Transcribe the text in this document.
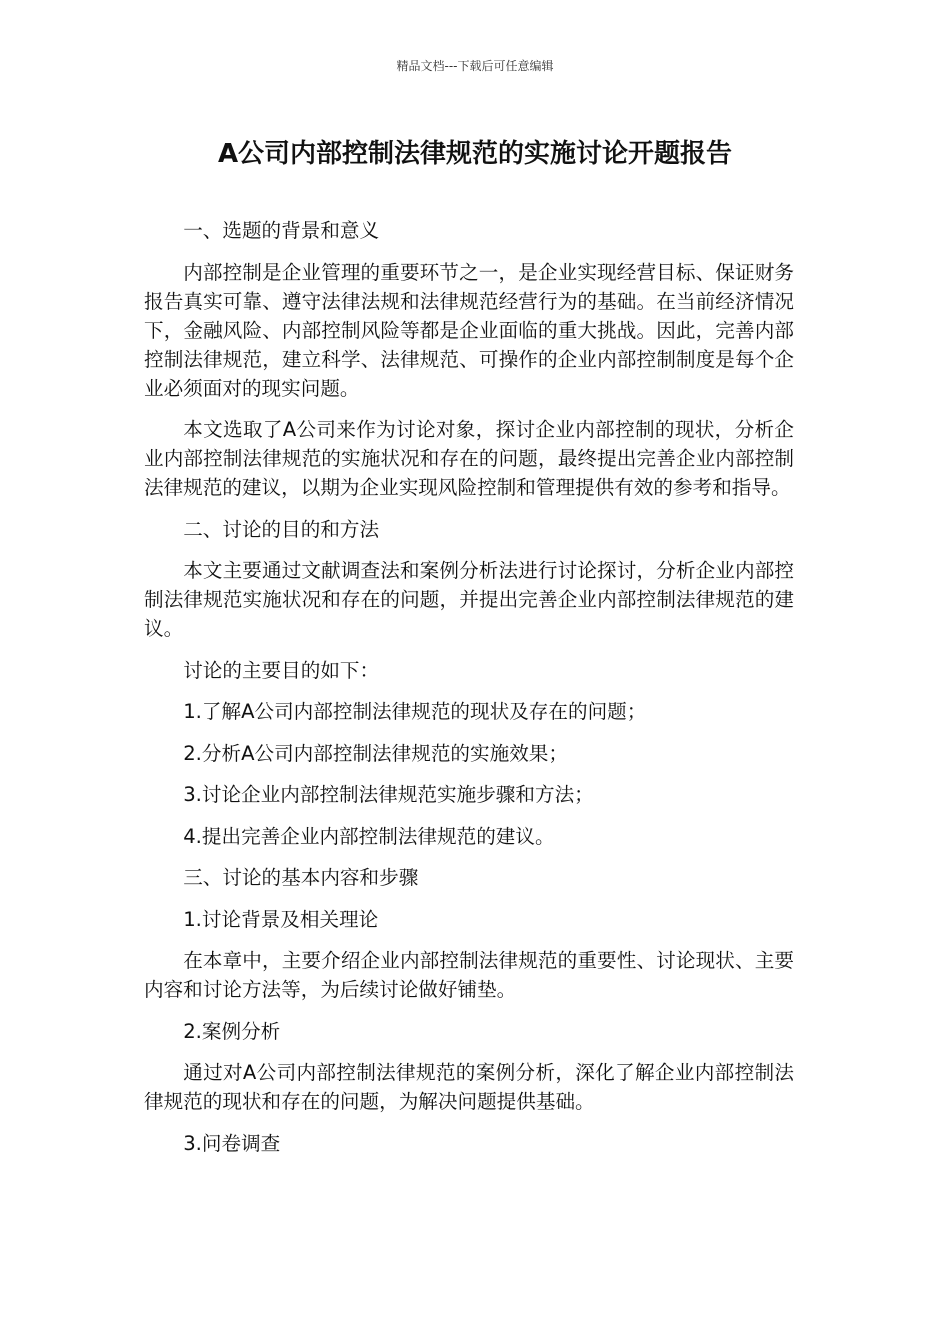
精品文档---下载后可任意编辑
A公司内部控制法律规范的实施讨论开题报告

一、选题的背景和意义

内部控制是企业管理的重要环节之一，是企业实现经营目标、保证财务报告真实可靠、遵守法律法规和法律规范经营行为的基础。在当前经济情况下，金融风险、内部控制风险等都是企业面临的重大挑战。因此，完善内部控制法律规范，建立科学、法律规范、可操作的企业内部控制制度是每个企业必须面对的现实问题。

本文选取了A公司来作为讨论对象，探讨企业内部控制的现状，分析企业内部控制法律规范的实施状况和存在的问题，最终提出完善企业内部控制法律规范的建议，以期为企业实现风险控制和管理提供有效的参考和指导。

二、讨论的目的和方法

本文主要通过文献调查法和案例分析法进行讨论探讨，分析企业内部控制法律规范实施状况和存在的问题，并提出完善企业内部控制法律规范的建议。

讨论的主要目的如下：

1.了解A公司内部控制法律规范的现状及存在的问题；

2.分析A公司内部控制法律规范的实施效果；

3.讨论企业内部控制法律规范实施步骤和方法；

4.提出完善企业内部控制法律规范的建议。

三、讨论的基本内容和步骤

1.讨论背景及相关理论

在本章中，主要介绍企业内部控制法律规范的重要性、讨论现状、主要内容和讨论方法等，为后续讨论做好铺垫。

2.案例分析

通过对A公司内部控制法律规范的案例分析，深化了解企业内部控制法律规范的现状和存在的问题，为解决问题提供基础。

3.问卷调查
